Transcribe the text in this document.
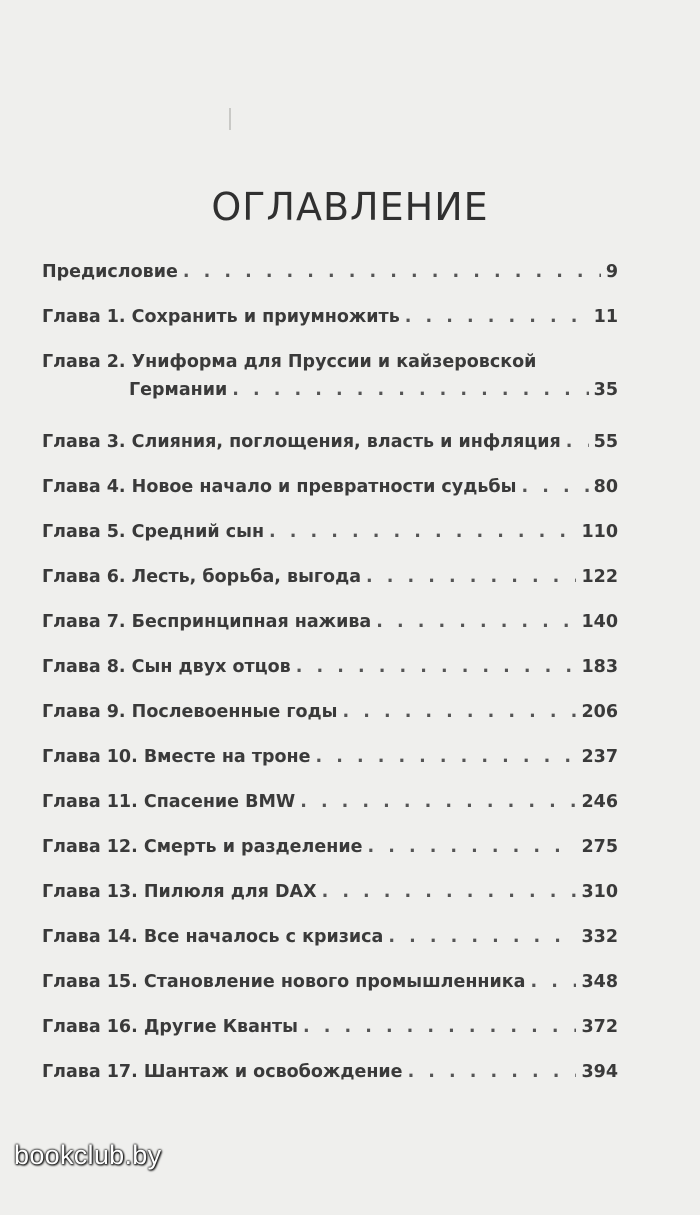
ОГЛАВЛЕНИЕ
Предисловие . . .	9
Глава 1. Сохранить и приумножить . . .	11
Глава 2. Униформа для Пруссии и кайзеровской
Германии . . .	35
Глава 3. Слияния, поглощения, власть и инфляция . . . 55
Глава 4. Новое начало и превратности судьбы . . .	80
Глава 5. Средний сын . . .	110
Глава 6. Лесть, борьба, выгода . . .	122
Глава 7. Беспринципная нажива . . .	140
Глава 8. Сын двух отцов . . .	183
Глава 9. Послевоенные годы . . .	206
Глава 10. Вместе на троне . . .	237
Глава 11. Спасение BMW . . .	246
Глава 12. Смерть и разделение . . .	275
Глава 13. Пилюля для DAX . . .	310
Глава 14. Все началось с кризиса . . .	332
Глава 15. Становление нового промышленника . . .	348
Глава 16. Другие Кванты . . .	372
Глава 17. Шантаж и освобождение . . .	394
bookclub.by
